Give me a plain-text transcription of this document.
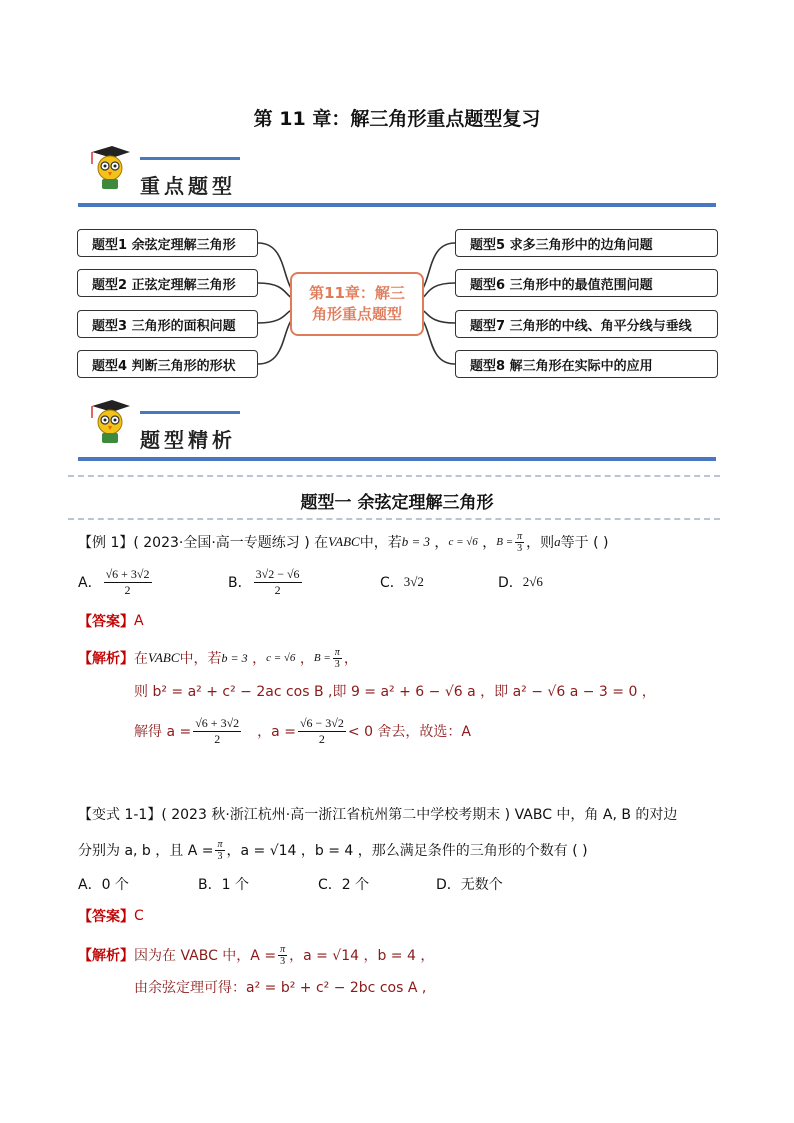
第 11 章：解三角形重点题型复习
重点题型
题型1 余弦定理解三角形
题型2 正弦定理解三角形
题型3 三角形的面积问题
题型4 判断三角形的形状
第11章：解三角形重点题型
题型5 求多三角形中的边角问题
题型6 三角形中的最值范围问题
题型7 三角形的中线、角平分线与垂线
题型8 解三角形在实际中的应用
题型精析
题型一 余弦定理解三角形
【例 1】 ( 2023·全国·高一专题练习 ) 在 VABC 中，若 b = 3 ， c = √6 ， $B = \frac{\pi}{3}$ ，则 a 等于 ( )
A． $\frac{√6 + 3√2}{2}$	B． $\frac{3√2 - √6}{2}$	C． 3√2	D． 2√6
【答案】 A
【解析】 在 VABC 中，若 b = 3 ， c = √6 ， $B = \frac{\pi}{3}$ ，
则 b² = a² + c² − 2ac cos B ,即 9 = a² + 6 − √6 a ，即 a² − √6 a − 3 = 0 ，
解得 $a = \frac{√6 + 3√2}{2}$ ，$a = \frac{√6 - 3√2}{2} < 0$ 舍去，故选：A
【变式 1-1】 ( 2023 秋·浙江杭州·高一浙江省杭州第二中学校考期末 ) VABC 中，角 A, B 的对边
分别为 a, b ，且 $A = \frac{\pi}{3}$ ，a = √14 ，b = 4 ，那么满足条件的三角形的个数有 ( )
A．0 个	B．1 个	C．2 个	D．无数个
【答案】 C
【解析】 因为在 VABC 中，$A = \frac{\pi}{3}$ ，a = √14 ，b = 4 ，
由余弦定理可得：a² = b² + c² − 2bc cos A ,
